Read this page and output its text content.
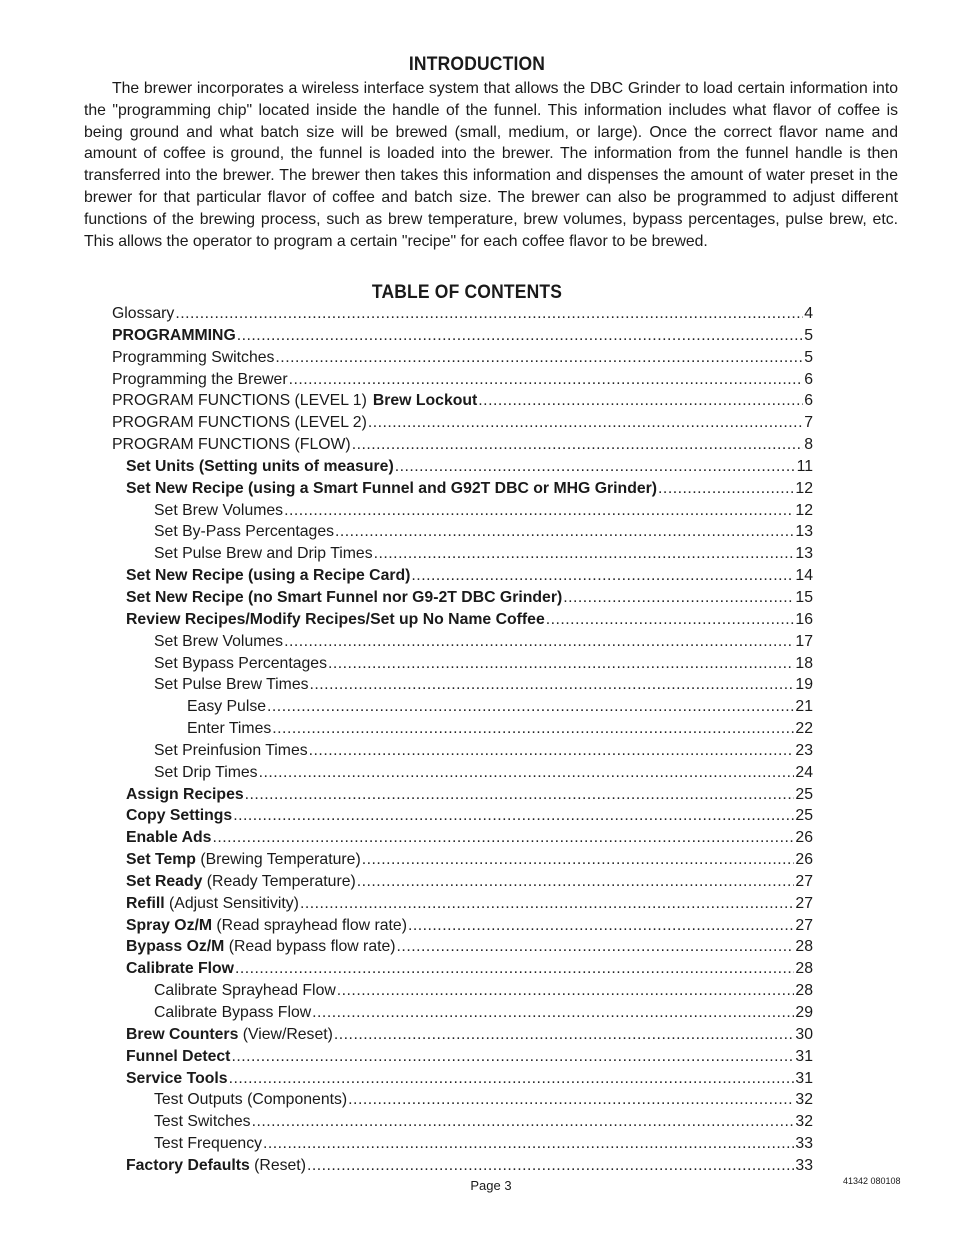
INTRODUCTION

The brewer incorporates a wireless interface system that allows the DBC Grinder to load certain information into the "programming chip" located inside the handle of the funnel. This information includes what flavor of coffee is being ground and what batch size will be brewed (small, medium, or large). Once the correct flavor name and amount of coffee is ground, the funnel is loaded into the brewer. The information from the funnel handle is then transferred into the brewer. The brewer then takes this information and dispenses the amount of water preset in the brewer for that particular flavor of coffee and batch size. The brewer can also be programmed to adjust different functions of the brewing process, such as brew temperature, brew volumes, bypass percentages, pulse brew, etc. This allows the operator to program a certain "recipe" for each coffee flavor to be brewed.

TABLE OF CONTENTS
Glossary .....	4
PROGRAMMING .....	5
Programming Switches .....	5
Programming the Brewer .....	6
PROGRAM FUNCTIONS (LEVEL 1) Brew Lockout .....	6
PROGRAM FUNCTIONS (LEVEL 2) .....	7
PROGRAM FUNCTIONS (FLOW) .....	8
Set Units (Setting units of measure) .....	11
Set New Recipe (using a Smart Funnel and G92T DBC or MHG Grinder) .....	12
Set Brew Volumes .....	12
Set By-Pass Percentages .....	13
Set Pulse Brew and Drip Times .....	13
Set New Recipe (using a Recipe Card) .....	14
Set New Recipe (no Smart Funnel nor G9-2T DBC Grinder) .....	15
Review Recipes/Modify Recipes/Set up No Name Coffee .....	16
Set Brew Volumes .....	17
Set Bypass Percentages .....	18
Set Pulse Brew Times .....	19
Easy Pulse .....	21
Enter Times .....	22
Set Preinfusion Times .....	23
Set Drip Times .....	24
Assign Recipes .....	25
Copy Settings .....	25
Enable Ads .....	26
Set Temp (Brewing Temperature) .....	26
Set Ready (Ready Temperature) .....	27
Refill (Adjust Sensitivity) .....	27
Spray Oz/M (Read sprayhead flow rate) .....	27
Bypass Oz/M (Read bypass flow rate) .....	28
Calibrate Flow .....	28
Calibrate Sprayhead Flow .....	28
Calibrate Bypass Flow .....	29
Brew Counters (View/Reset) .....	30
Funnel Detect .....	31
Service Tools .....	31
Test Outputs (Components) .....	32
Test Switches .....	32
Test Frequency .....	33
Factory Defaults (Reset) .....	33
Page 3	41342 080108
